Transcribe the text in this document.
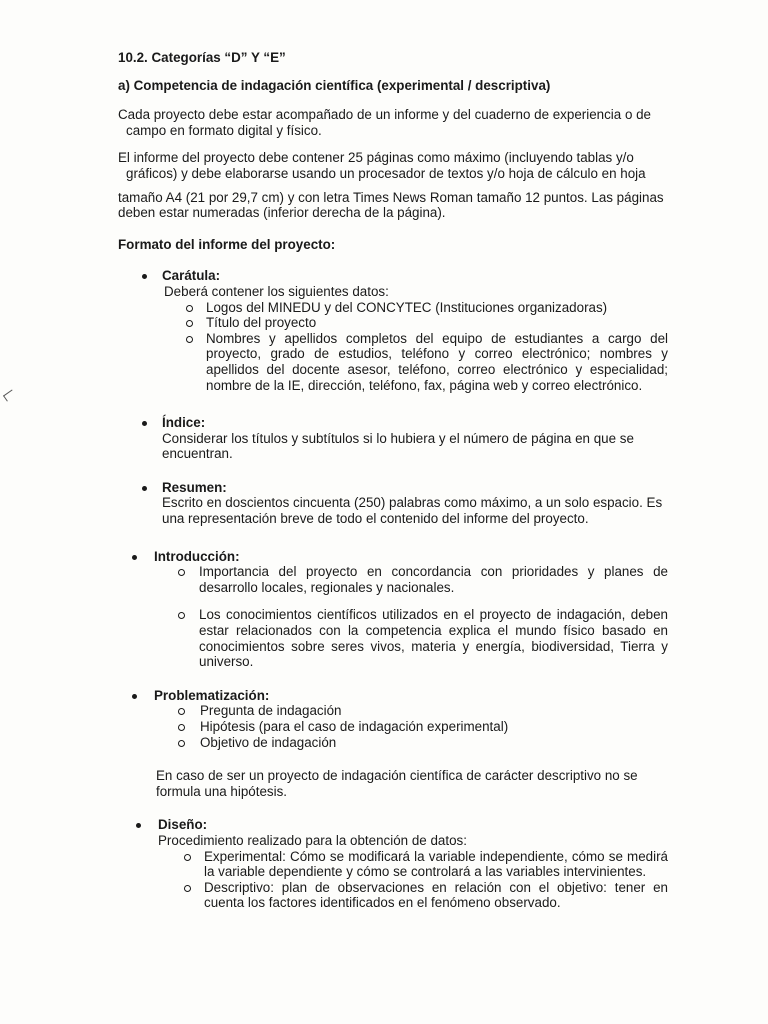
10.2. Categorías “D” Y “E”
a) Competencia de indagación científica (experimental / descriptiva)

Cada proyecto debe estar acompañado de un informe y del cuaderno de experiencia o de campo en formato digital y físico.

El informe del proyecto debe contener 25 páginas como máximo (incluyendo tablas y/o gráficos) y debe elaborarse usando un procesador de textos y/o hoja de cálculo en hoja

tamaño A4 (21 por 29,7 cm) y con letra Times News Roman tamaño 12 puntos. Las páginas deben estar numeradas (inferior derecha de la página).

Formato del informe del proyecto:
Carátula:
Deberá contener los siguientes datos:
Logos del MINEDU y del CONCYTEC (Instituciones organizadoras)
Título del proyecto
Nombres y apellidos completos del equipo de estudiantes a cargo del proyecto, grado de estudios, teléfono y correo electrónico; nombres y apellidos del docente asesor, teléfono, correo electrónico y especialidad; nombre de la IE, dirección, teléfono, fax, página web y correo electrónico.
Índice:
Considerar los títulos y subtítulos si lo hubiera y el número de página en que se encuentran.
Resumen:
Escrito en doscientos cincuenta (250) palabras como máximo, a un solo espacio. Es una representación breve de todo el contenido del informe del proyecto.
Introducción:
Importancia del proyecto en concordancia con prioridades y planes de desarrollo locales, regionales y nacionales.
Los conocimientos científicos utilizados en el proyecto de indagación, deben estar relacionados con la competencia explica el mundo físico basado en conocimientos sobre seres vivos, materia y energía, biodiversidad, Tierra y universo.
Problematización:
Pregunta de indagación
Hipótesis (para el caso de indagación experimental)
Objetivo de indagación
En caso de ser un proyecto de indagación científica de carácter descriptivo no se formula una hipótesis.
Diseño:
Procedimiento realizado para la obtención de datos:
Experimental: Cómo se modificará la variable independiente, cómo se medirá la variable dependiente y cómo se controlará a las variables intervinientes.
Descriptivo: plan de observaciones en relación con el objetivo: tener en cuenta los factores identificados en el fenómeno observado.
